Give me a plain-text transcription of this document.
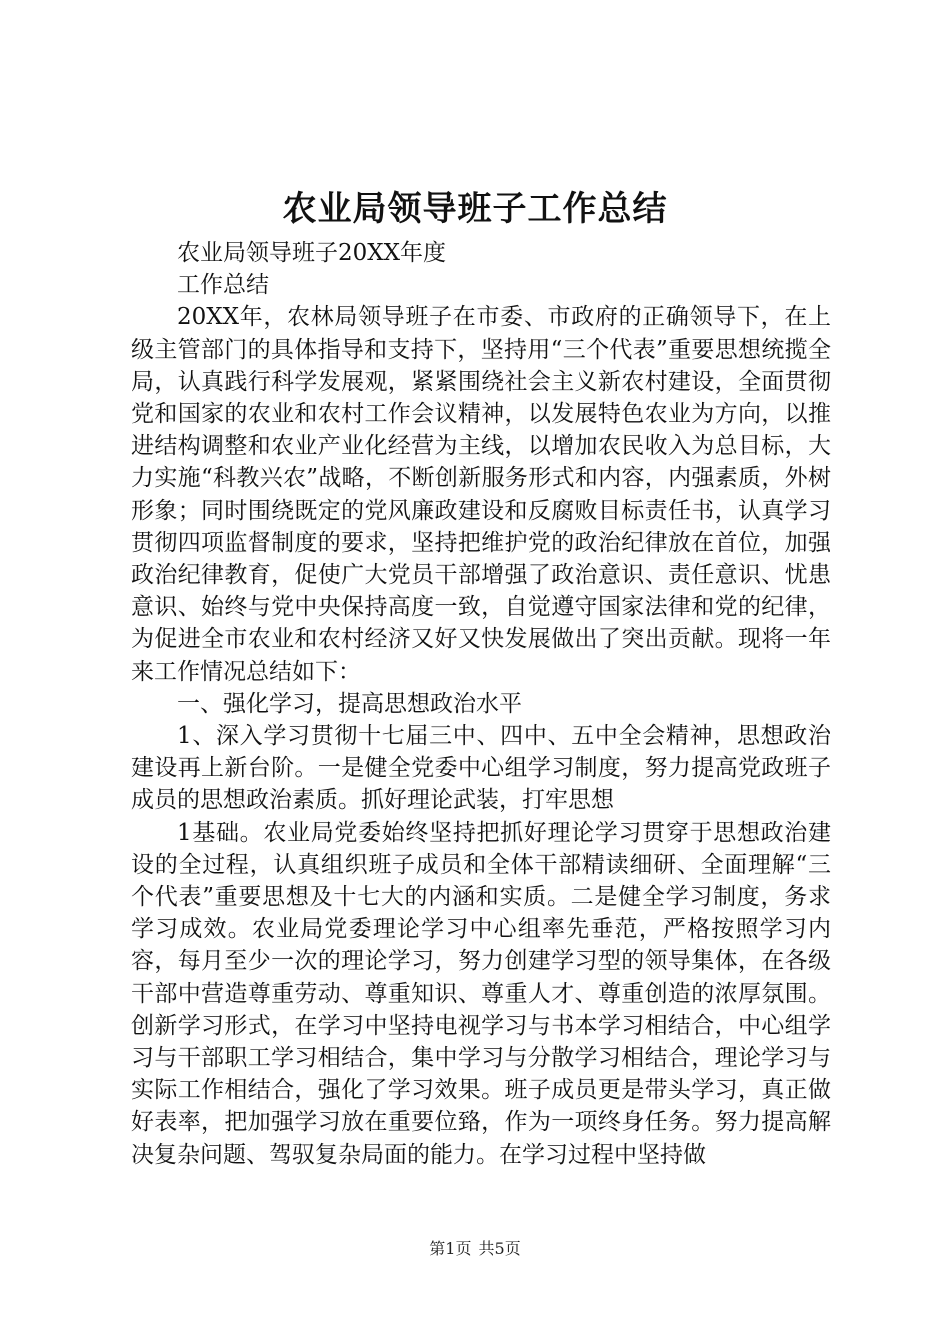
农业局领导班子工作总结

农业局领导班子20XX年度

工作总结

20XX年，农林局领导班子在市委、市政府的正确领导下，在上级主管部门的具体指导和支持下，坚持用“三个代表”重要思想统揽全局，认真践行科学发展观，紧紧围绕社会主义新农村建设，全面贯彻党和国家的农业和农村工作会议精神，以发展特色农业为方向，以推进结构调整和农业产业化经营为主线，以增加农民收入为总目标，大力实施“科教兴农”战略，不断创新服务形式和内容，内强素质，外树形象；同时围绕既定的党风廉政建设和反腐败目标责任书，认真学习贯彻四项监督制度的要求，坚持把维护党的政治纪律放在首位，加强政治纪律教育，促使广大党员干部增强了政治意识、责任意识、忧患意识、始终与党中央保持高度一致，自觉遵守国家法律和党的纪律，为促进全市农业和农村经济又好又快发展做出了突出贡献。现将一年来工作情况总结如下：

一、强化学习，提高思想政治水平

1、深入学习贯彻十七届三中、四中、五中全会精神，思想政治建设再上新台阶。一是健全党委中心组学习制度，努力提高党政班子成员的思想政治素质。抓好理论武装，打牢思想

1基础。农业局党委始终坚持把抓好理论学习贯穿于思想政治建设的全过程，认真组织班子成员和全体干部精读细研、全面理解“三个代表”重要思想及十七大的内涵和实质。二是健全学习制度，务求学习成效。农业局党委理论学习中心组率先垂范，严格按照学习内容，每月至少一次的理论学习，努力创建学习型的领导集体，在各级干部中营造尊重劳动、尊重知识、尊重人才、尊重创造的浓厚氛围。创新学习形式，在学习中坚持电视学习与书本学习相结合，中心组学习与干部职工学习相结合，集中学习与分散学习相结合，理论学习与实际工作相结合，强化了学习效果。班子成员更是带头学习，真正做好表率，把加强学习放在重要位臵，作为一项终身任务。努力提高解决复杂问题、驾驭复杂局面的能力。在学习过程中坚持做

第1页 共5页
